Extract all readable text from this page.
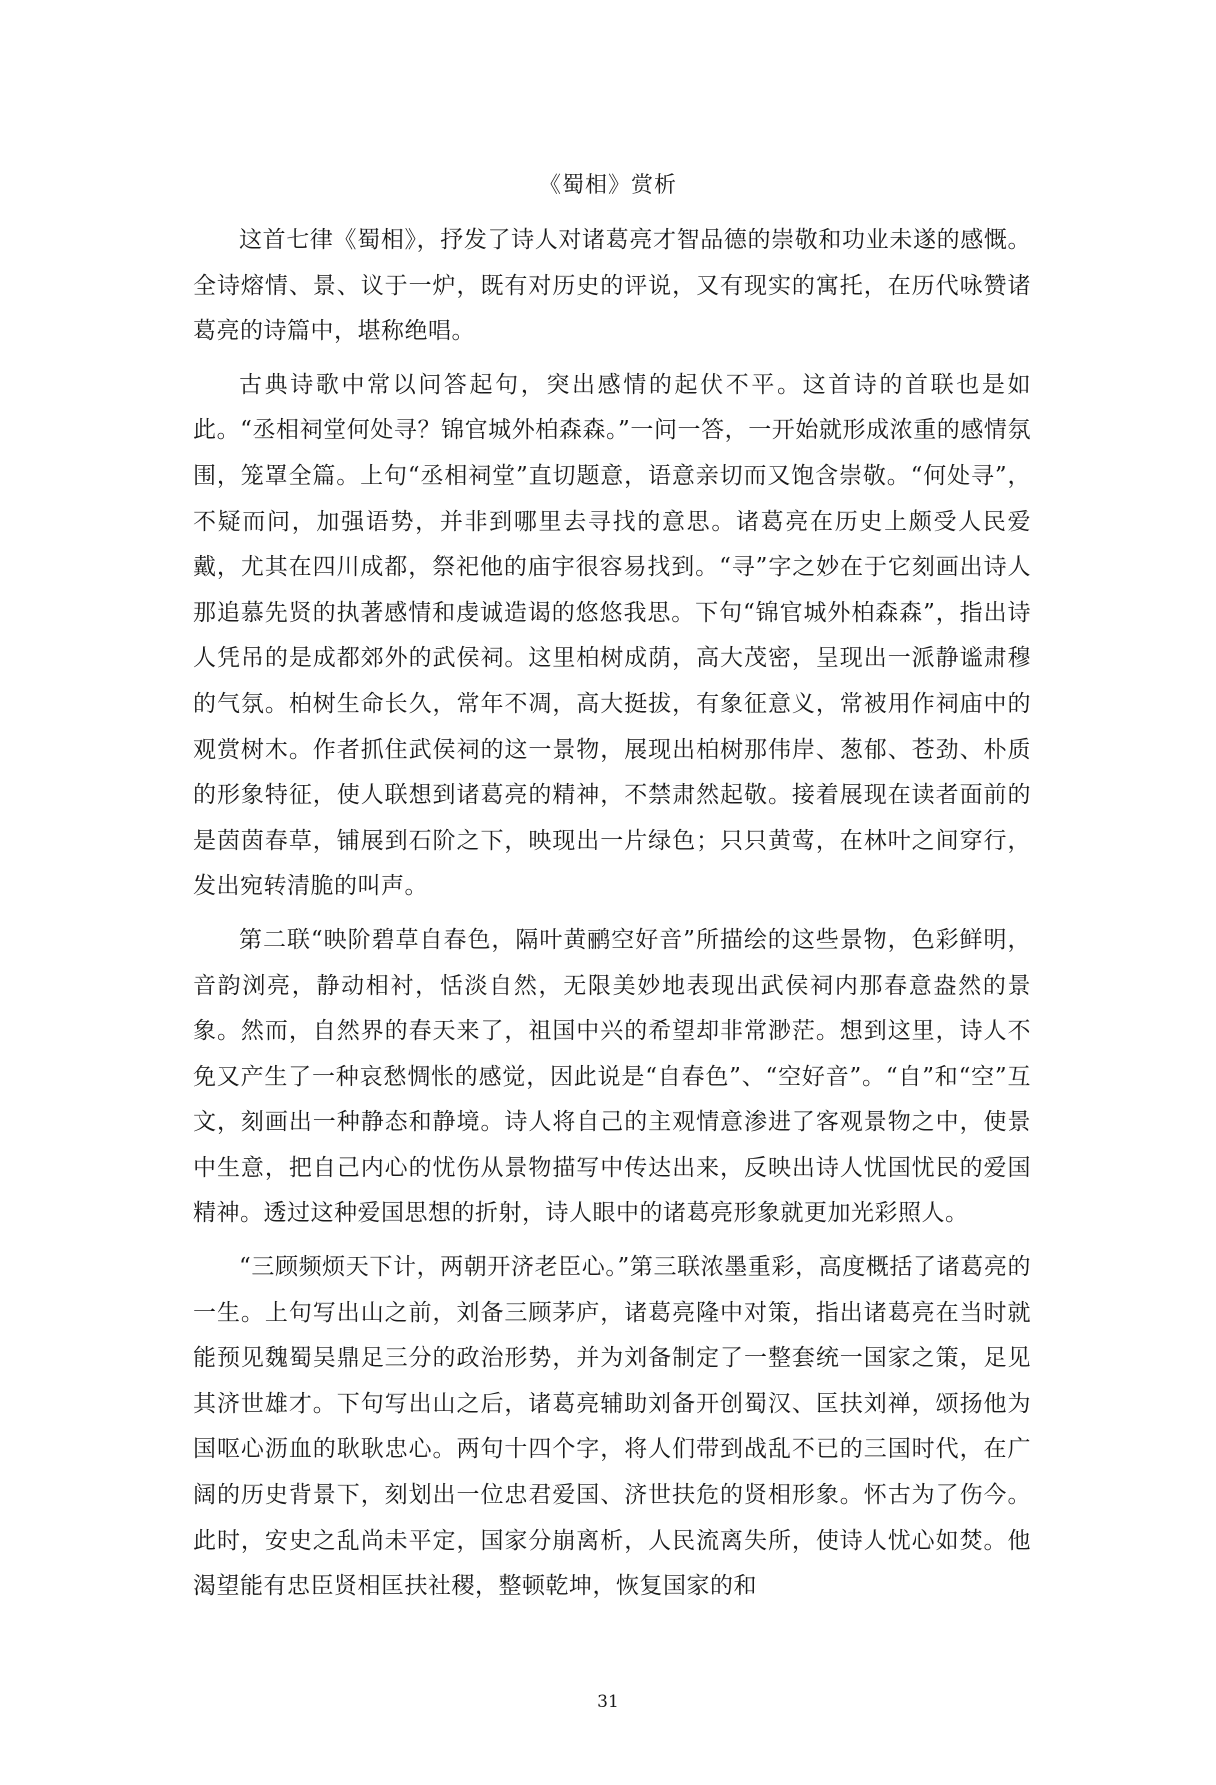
《蜀相》赏析

这首七律《蜀相》，抒发了诗人对诸葛亮才智品德的崇敬和功业未遂的感慨。全诗熔情、景、议于一炉，既有对历史的评说，又有现实的寓托，在历代咏赞诸葛亮的诗篇中，堪称绝唱。

古典诗歌中常以问答起句，突出感情的起伏不平。这首诗的首联也是如此。“丞相祠堂何处寻？锦官城外柏森森。”一问一答，一开始就形成浓重的感情氛围，笼罩全篇。上句“丞相祠堂”直切题意，语意亲切而又饱含崇敬。“何处寻”，不疑而问，加强语势，并非到哪里去寻找的意思。诸葛亮在历史上颇受人民爱戴，尤其在四川成都，祭祀他的庙宇很容易找到。“寻”字之妙在于它刻画出诗人那追慕先贤的执著感情和虔诚造谒的悠悠我思。下句“锦官城外柏森森”，指出诗人凭吊的是成都郊外的武侯祠。这里柏树成荫，高大茂密，呈现出一派静谧肃穆的气氛。柏树生命长久，常年不凋，高大挺拔，有象征意义，常被用作祠庙中的观赏树木。作者抓住武侯祠的这一景物，展现出柏树那伟岸、葱郁、苍劲、朴质的形象特征，使人联想到诸葛亮的精神，不禁肃然起敬。接着展现在读者面前的是茵茵春草，铺展到石阶之下，映现出一片绿色；只只黄莺，在林叶之间穿行，发出宛转清脆的叫声。

第二联“映阶碧草自春色，隔叶黄鹂空好音”所描绘的这些景物，色彩鲜明，音韵浏亮，静动相衬，恬淡自然，无限美妙地表现出武侯祠内那春意盎然的景象。然而，自然界的春天来了，祖国中兴的希望却非常渺茫。想到这里，诗人不免又产生了一种哀愁惆怅的感觉，因此说是“自春色”、“空好音”。“自”和“空”互文，刻画出一种静态和静境。诗人将自己的主观情意渗进了客观景物之中，使景中生意，把自己内心的忧伤从景物描写中传达出来，反映出诗人忧国忧民的爱国精神。透过这种爱国思想的折射，诗人眼中的诸葛亮形象就更加光彩照人。

“三顾频烦天下计，两朝开济老臣心。”第三联浓墨重彩，高度概括了诸葛亮的一生。上句写出山之前，刘备三顾茅庐，诸葛亮隆中对策，指出诸葛亮在当时就能预见魏蜀吴鼎足三分的政治形势，并为刘备制定了一整套统一国家之策，足见其济世雄才。下句写出山之后，诸葛亮辅助刘备开创蜀汉、匡扶刘禅，颂扬他为国呕心沥血的耿耿忠心。两句十四个字，将人们带到战乱不已的三国时代，在广阔的历史背景下，刻划出一位忠君爱国、济世扶危的贤相形象。怀古为了伤今。此时，安史之乱尚未平定，国家分崩离析，人民流离失所，使诗人忧心如焚。他渴望能有忠臣贤相匡扶社稷，整顿乾坤，恢复国家的和

31
